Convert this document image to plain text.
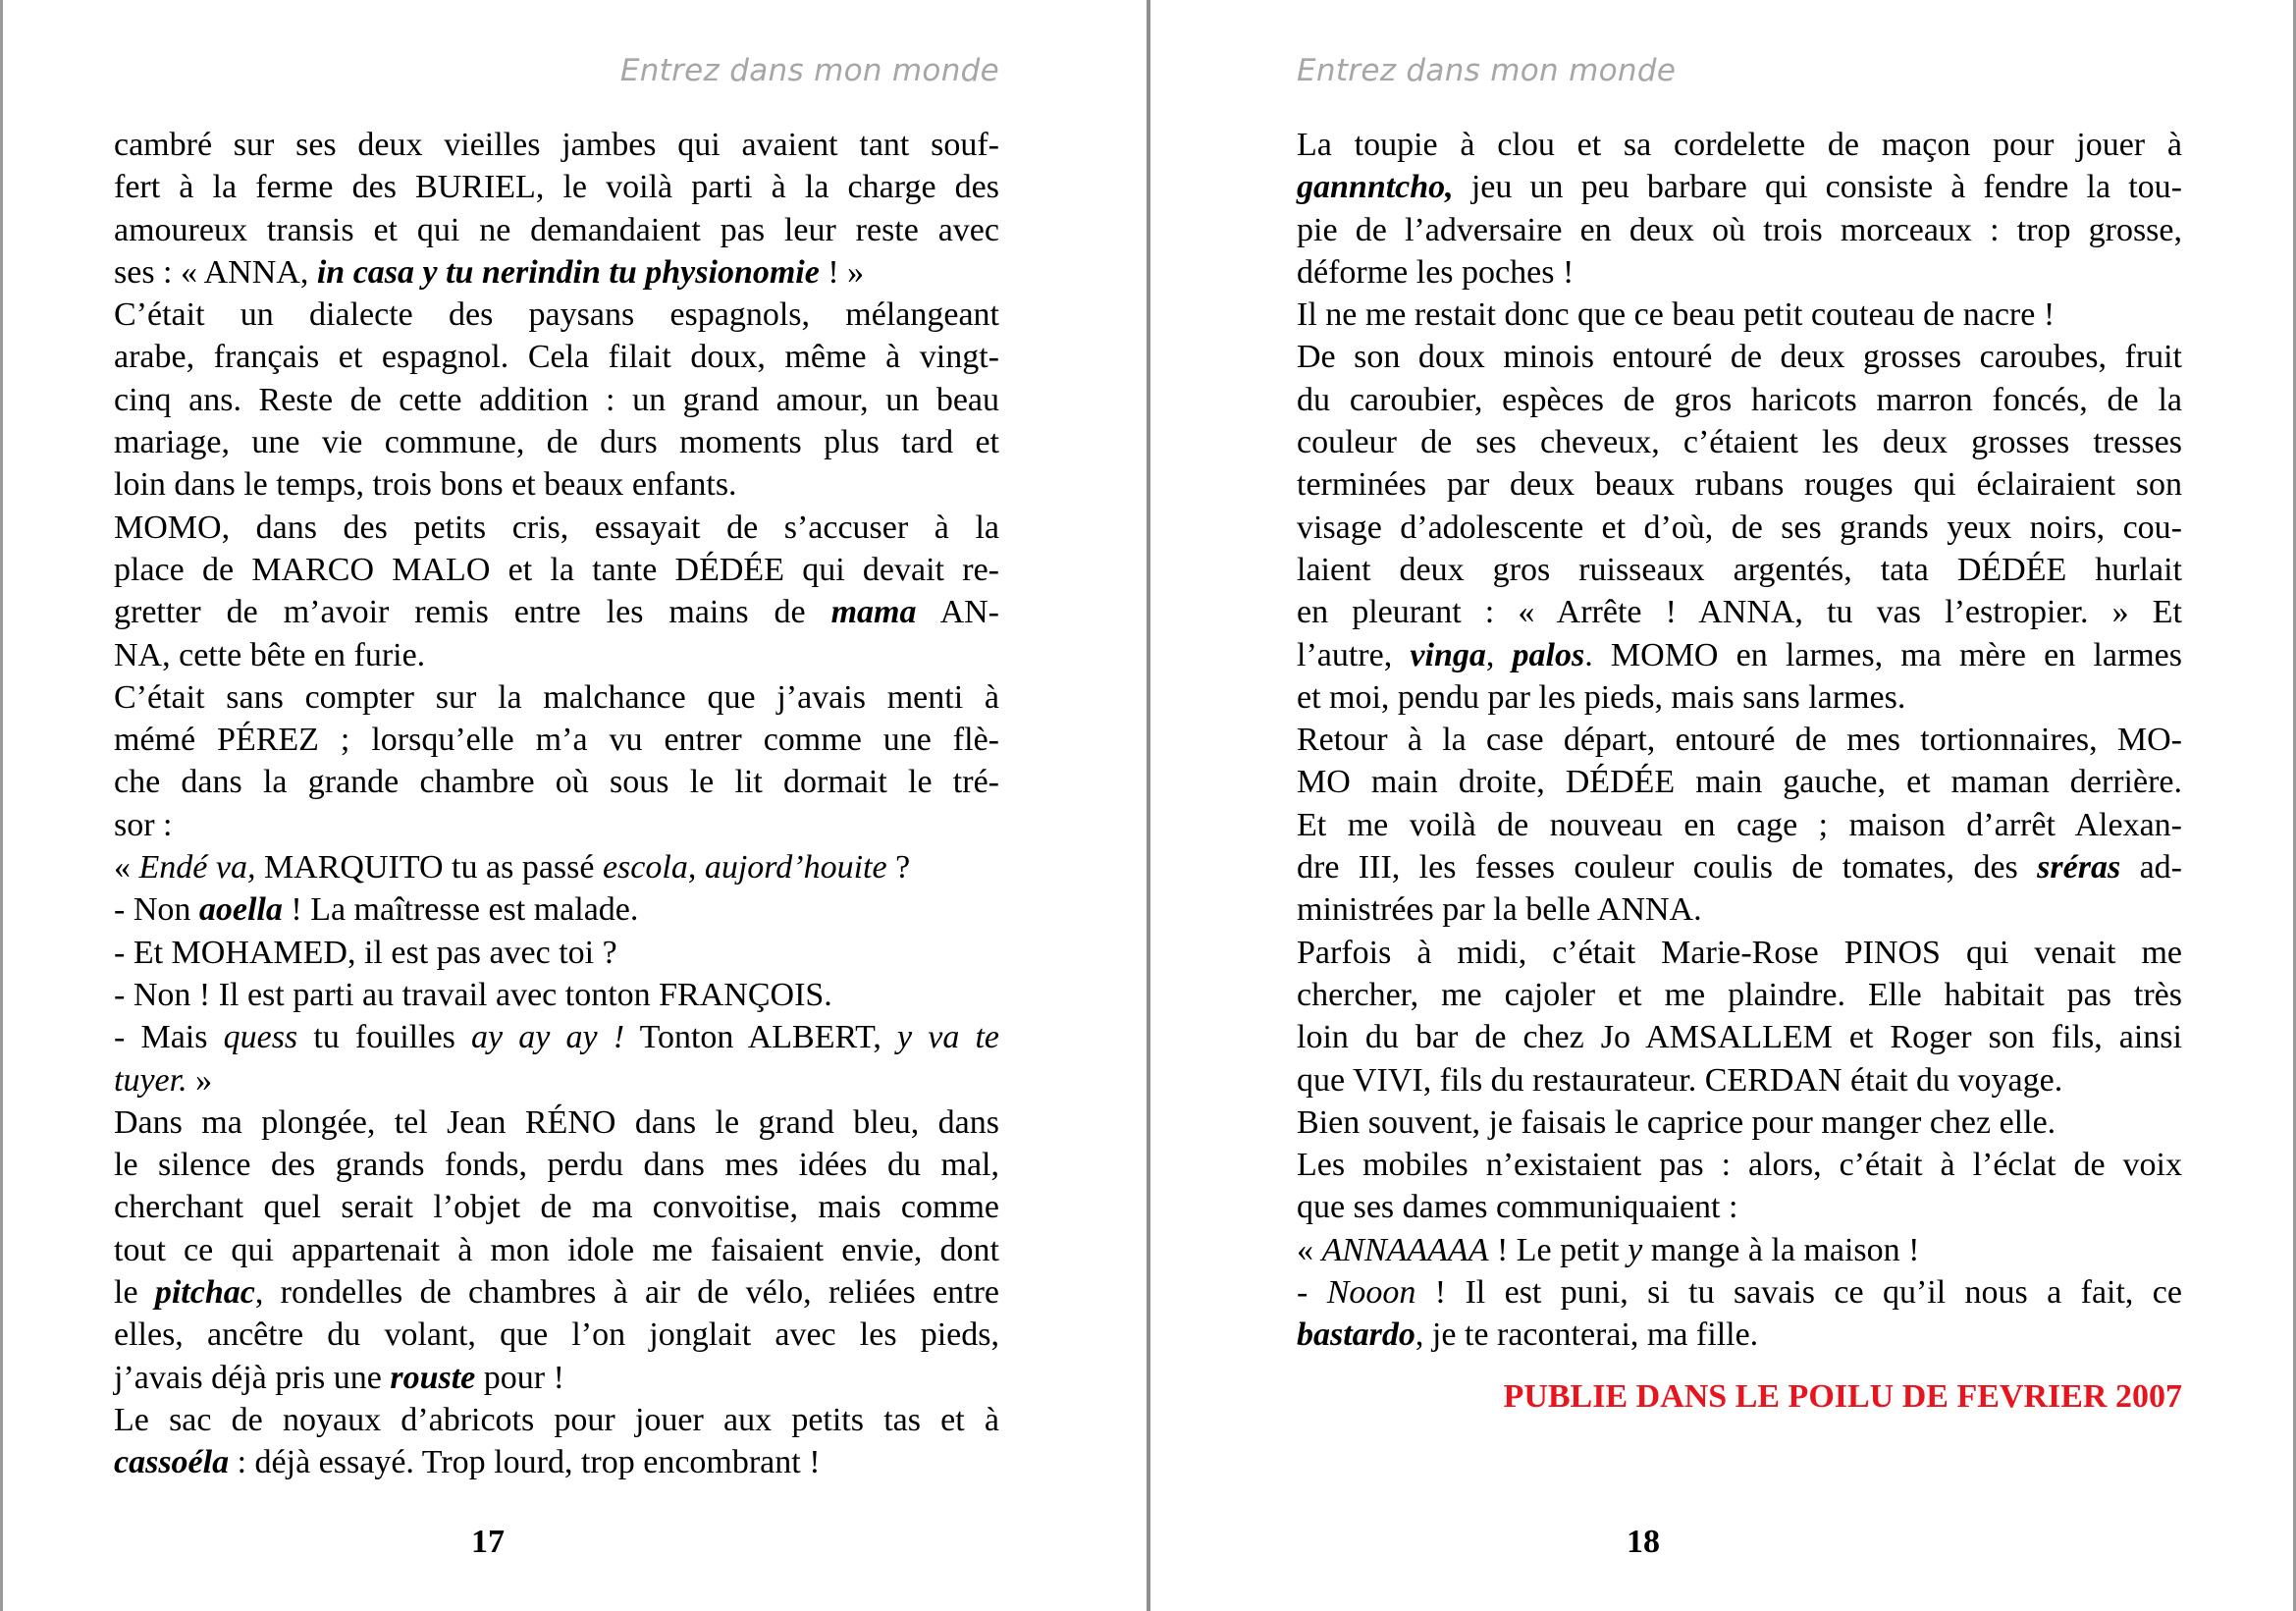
Entrez dans mon monde
cambré sur ses deux vieilles jambes qui avaient tant souf-
fert à la ferme des BURIEL, le voilà parti à la charge des
amoureux transis et qui ne demandaient pas leur reste avec
ses : « ANNA, in casa y tu nerindin tu physionomie ! »
C’était un dialecte des paysans espagnols, mélangeant
arabe, français et espagnol. Cela filait doux, même à vingt-
cinq ans. Reste de cette addition : un grand amour, un beau
mariage, une vie commune, de durs moments plus tard et
loin dans le temps, trois bons et beaux enfants.
MOMO, dans des petits cris, essayait de s’accuser à la
place de MARCO MALO et la tante DÉDÉE qui devait re-
gretter de m’avoir remis entre les mains de mama AN-
NA, cette bête en furie.
C’était sans compter sur la malchance que j’avais menti à
mémé PÉREZ ; lorsqu’elle m’a vu entrer comme une flè-
che dans la grande chambre où sous le lit dormait le tré-
sor :
« Endé va, MARQUITO tu as passé escola, aujord’houite ?
- Non aoella ! La maîtresse est malade.
- Et MOHAMED, il est pas avec toi ?
- Non ! Il est parti au travail avec tonton FRANÇOIS.
- Mais quess tu fouilles ay ay ay ! Tonton ALBERT, y va te
tuyer. »
Dans ma plongée, tel Jean RÉNO dans le grand bleu, dans
le silence des grands fonds, perdu dans mes idées du mal,
cherchant quel serait l’objet de ma convoitise, mais comme
tout ce qui appartenait à mon idole me faisaient envie, dont
le pitchac, rondelles de chambres à air de vélo, reliées entre
elles, ancêtre du volant, que l’on jonglait avec les pieds,
j’avais déjà pris une rouste pour !
Le sac de noyaux d’abricots pour jouer aux petits tas et à
cassoéla : déjà essayé. Trop lourd, trop encombrant !
17
Entrez dans mon monde
La toupie à clou et sa cordelette de maçon pour jouer à
gannntcho, jeu un peu barbare qui consiste à fendre la tou-
pie de l’adversaire en deux où trois morceaux : trop grosse,
déforme les poches !
Il ne me restait donc que ce beau petit couteau de nacre !
De son doux minois entouré de deux grosses caroubes, fruit
du caroubier, espèces de gros haricots marron foncés, de la
couleur de ses cheveux, c’étaient les deux grosses tresses
terminées par deux beaux rubans rouges qui éclairaient son
visage d’adolescente et d’où, de ses grands yeux noirs, cou-
laient deux gros ruisseaux argentés, tata DÉDÉE hurlait
en pleurant : « Arrête ! ANNA, tu vas l’estropier. » Et
l’autre, vinga, palos. MOMO en larmes, ma mère en larmes
et moi, pendu par les pieds, mais sans larmes.
Retour à la case départ, entouré de mes tortionnaires, MO-
MO main droite, DÉDÉE main gauche, et maman derrière.
Et me voilà de nouveau en cage ; maison d’arrêt Alexan-
dre III, les fesses couleur coulis de tomates, des sréras ad-
ministrées par la belle ANNA.
Parfois à midi, c’était Marie-Rose PINOS qui venait me
chercher, me cajoler et me plaindre. Elle habitait pas très
loin du bar de chez Jo AMSALLEM et Roger son fils, ainsi
que VIVI, fils du restaurateur. CERDAN était du voyage.
Bien souvent, je faisais le caprice pour manger chez elle.
Les mobiles n’existaient pas : alors, c’était à l’éclat de voix
que ses dames communiquaient :
« ANNAAAAA ! Le petit y mange à la maison !
- Nooon ! Il est puni, si tu savais ce qu’il nous a fait, ce
bastardo, je te raconterai, ma fille.
PUBLIE DANS LE POILU DE FEVRIER 2007
18
